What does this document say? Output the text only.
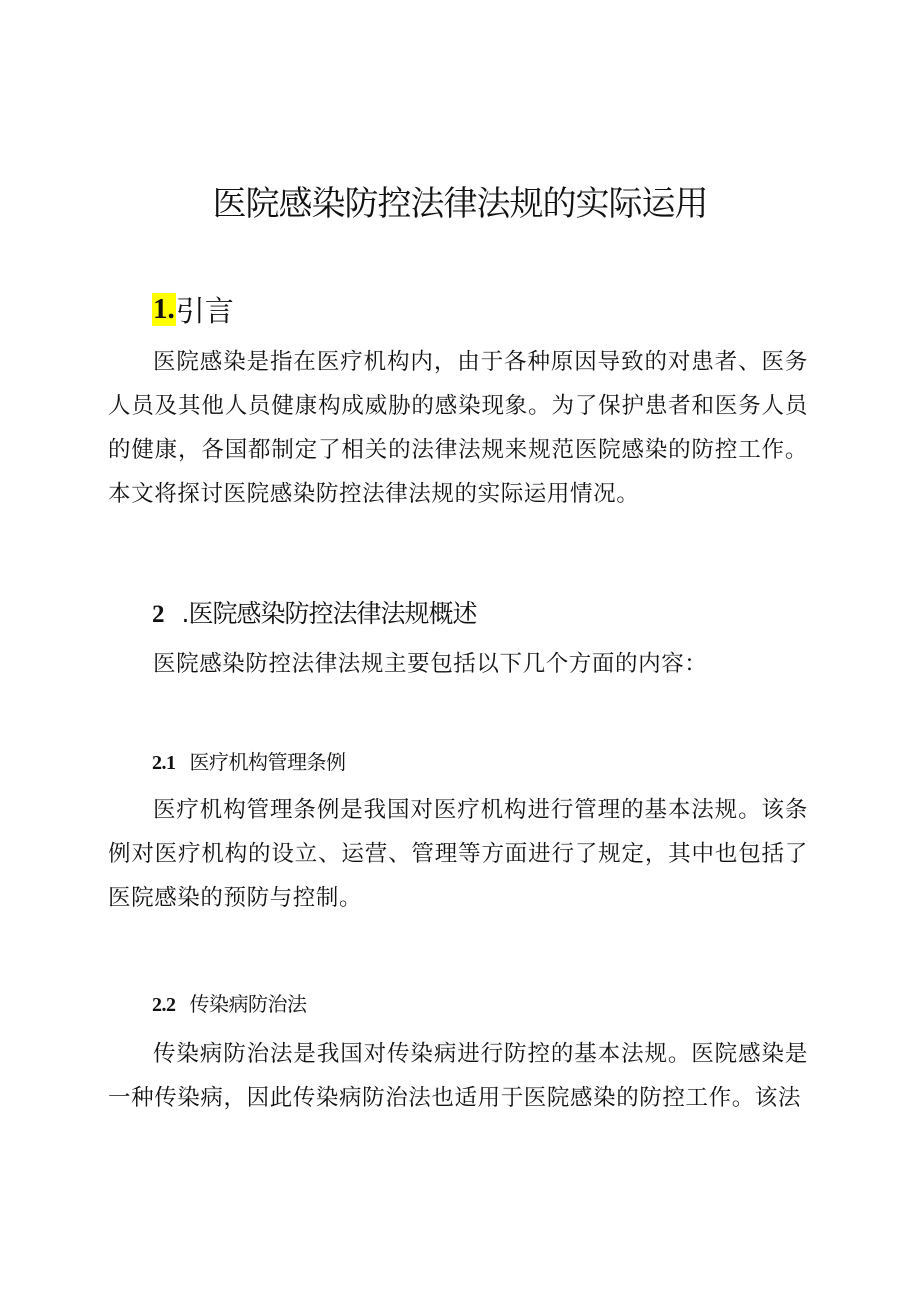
医院感染防控法律法规的实际运用
1. 引言

医院感染是指在医疗机构内，由于各种原因导致的对患者、医务人员及其他人员健康构成威胁的感染现象。为了保护患者和医务人员的健康，各国都制定了相关的法律法规来规范医院感染的防控工作。本文将探讨医院感染防控法律法规的实际运用情况。

2 .医院感染防控法律法规概述

医院感染防控法律法规主要包括以下几个方面的内容：

2.1 医疗机构管理条例

医疗机构管理条例是我国对医疗机构进行管理的基本法规。该条例对医疗机构的设立、运营、管理等方面进行了规定，其中也包括了医院感染的预防与控制。

2.2 传染病防治法

传染病防治法是我国对传染病进行防控的基本法规。医院感染是一种传染病，因此传染病防治法也适用于医院感染的防控工作。该法
